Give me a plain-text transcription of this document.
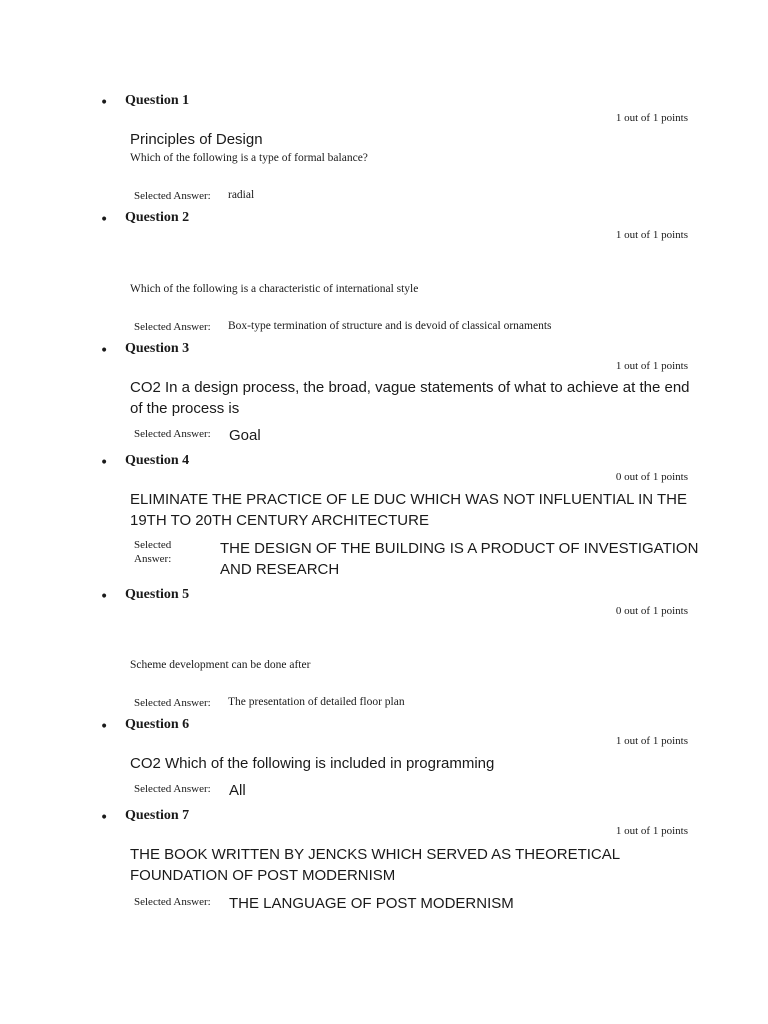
• Question 1
1 out of 1 points
Principles of Design
Which of the following is a type of formal balance?
Selected Answer: radial
• Question 2
1 out of 1 points
Which of the following is a characteristic of international style
Selected Answer: Box-type termination of structure and is devoid of classical ornaments
• Question 3
1 out of 1 points
CO2 In a design process, the broad, vague statements of what to achieve at the end of the process is
Selected Answer: Goal
• Question 4
0 out of 1 points
ELIMINATE THE PRACTICE OF LE DUC WHICH WAS NOT INFLUENTIAL IN THE 19TH TO 20TH CENTURY ARCHITECTURE
Selected Answer:
THE DESIGN OF THE BUILDING IS A PRODUCT OF INVESTIGATION AND RESEARCH
• Question 5
0 out of 1 points
Scheme development can be done after
Selected Answer: The presentation of detailed floor plan
• Question 6
1 out of 1 points
CO2 Which of the following is included in programming
Selected Answer: All
• Question 7
1 out of 1 points
THE BOOK WRITTEN BY JENCKS WHICH SERVED AS THEORETICAL FOUNDATION OF POST MODERNISM
Selected Answer: THE LANGUAGE OF POST MODERNISM
